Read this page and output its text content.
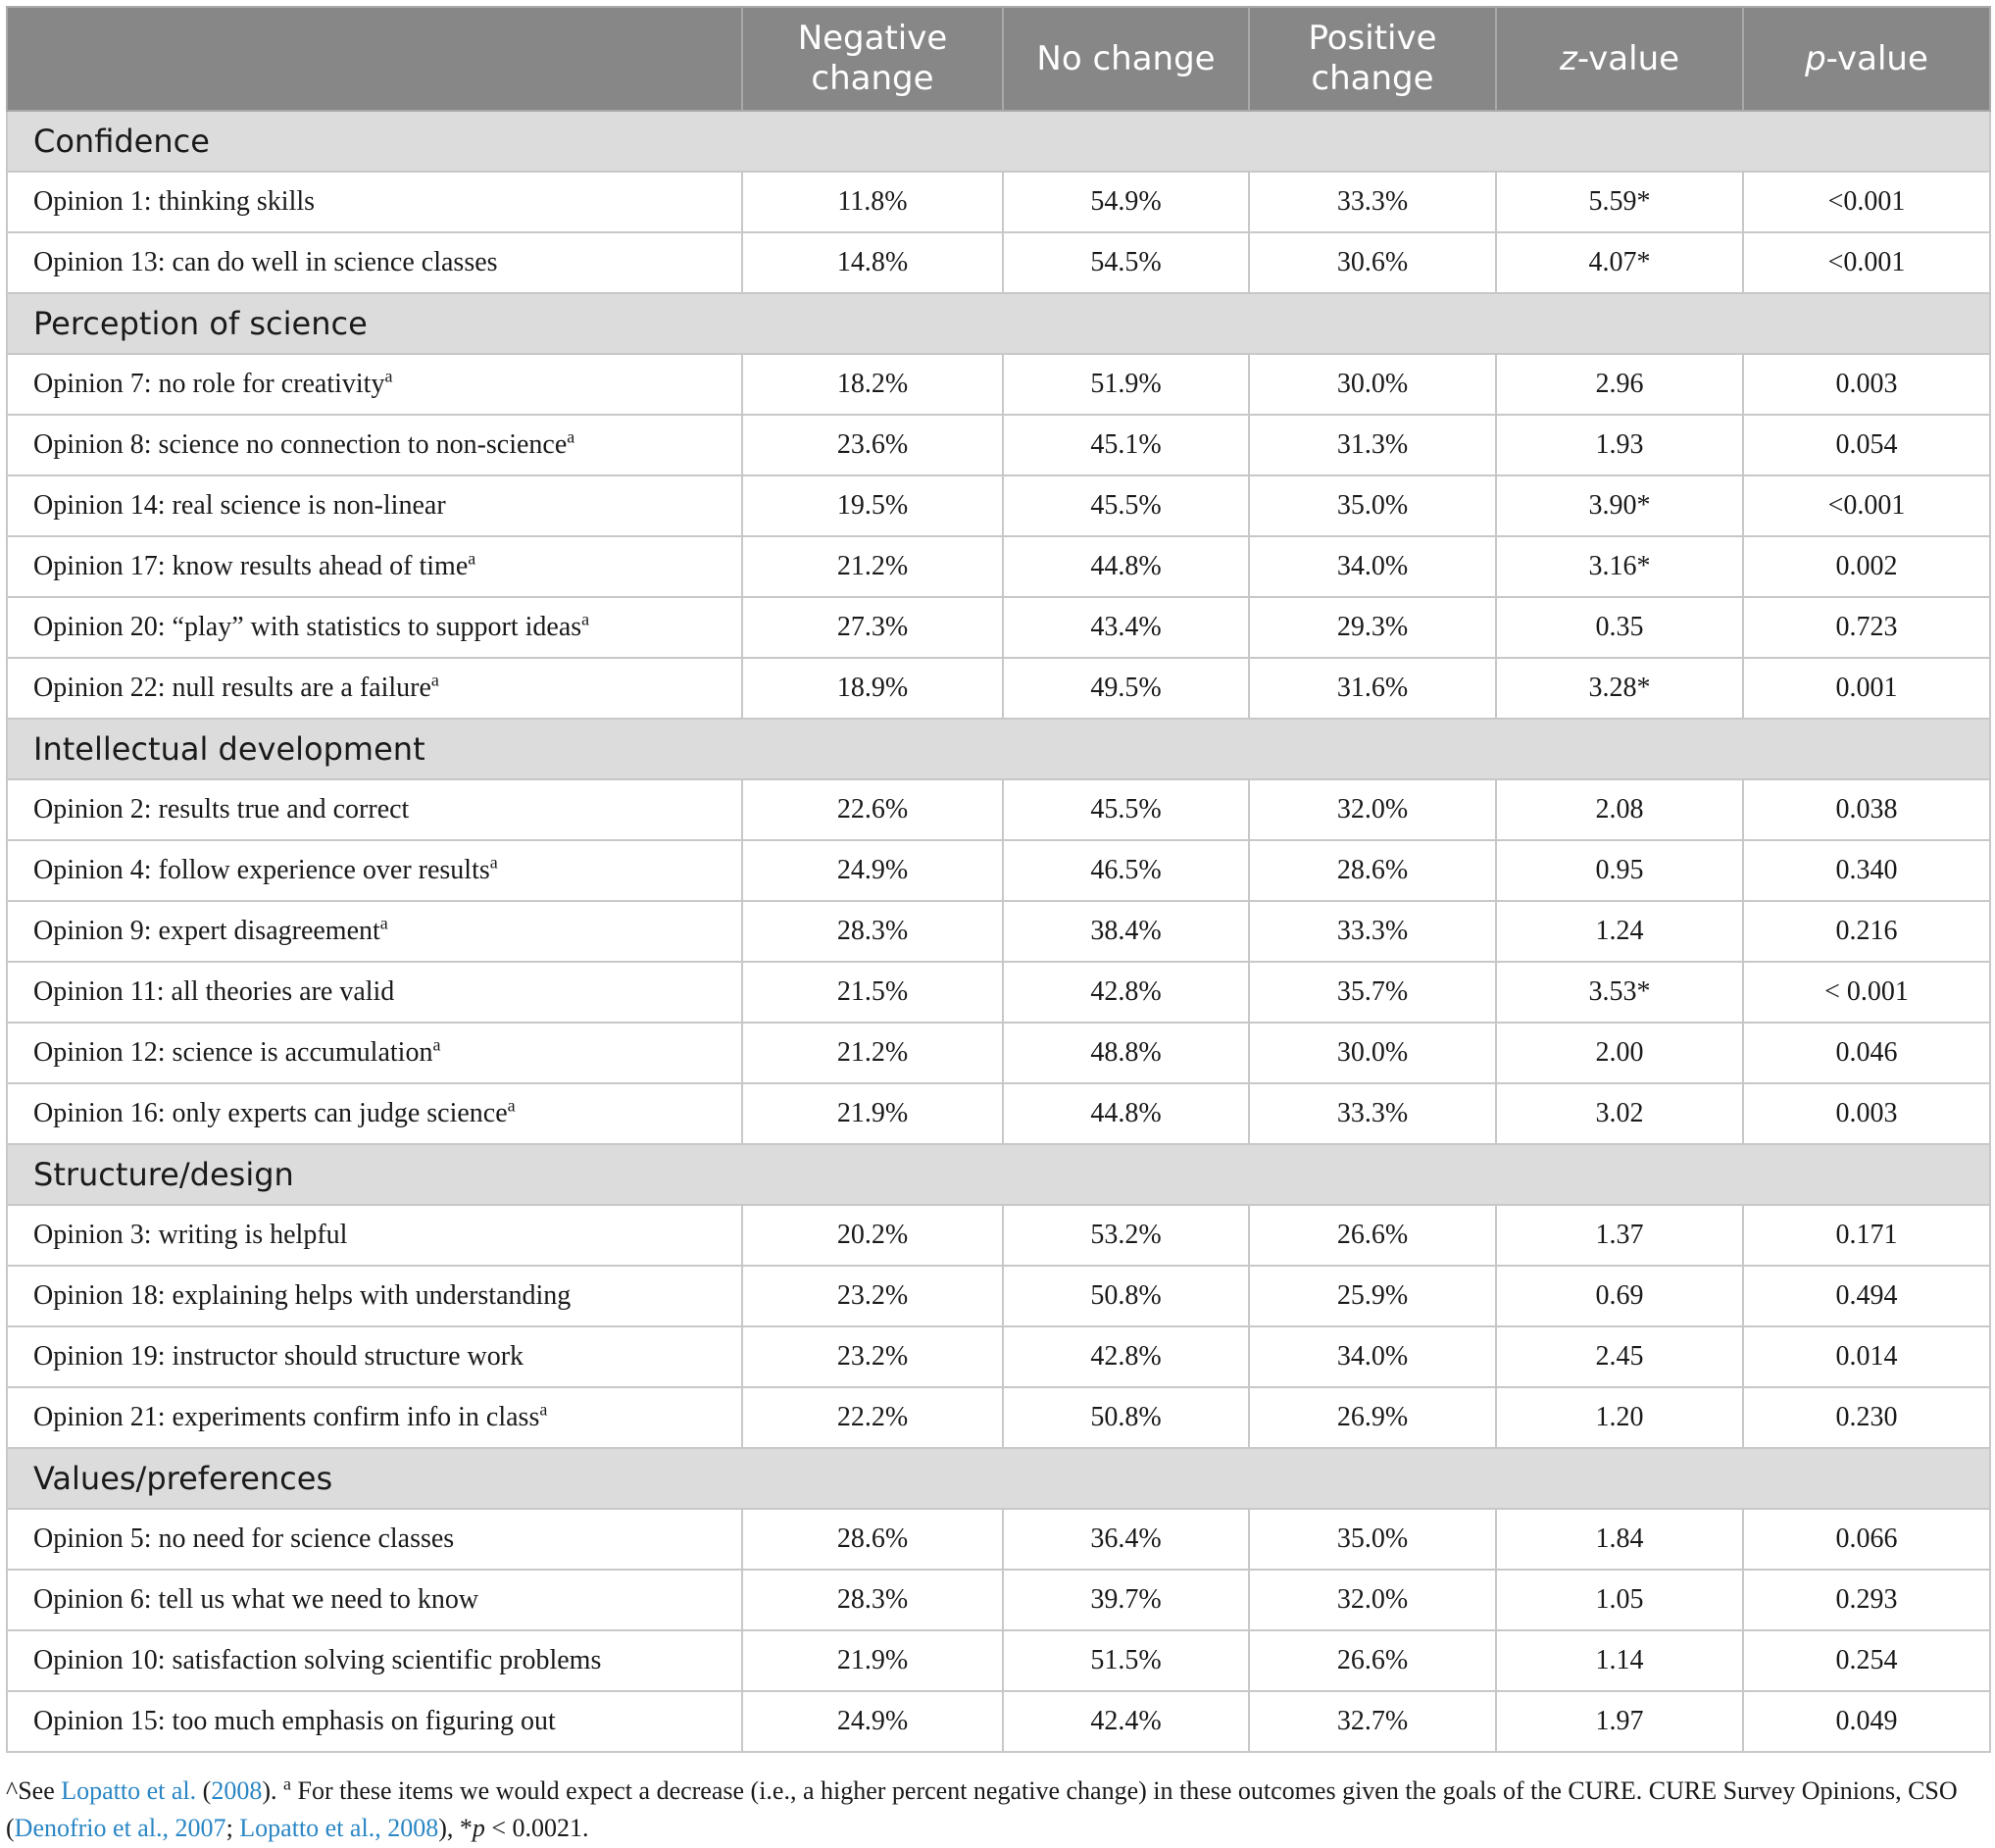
	Negative change	No change	Positive change	z-value	p-value
Confidence					
Opinion 1: thinking skills	11.8%	54.9%	33.3%	5.59*	<0.001
Opinion 13: can do well in science classes	14.8%	54.5%	30.6%	4.07*	<0.001
Perception of science					
Opinion 7: no role for creativity$^a$	18.2%	51.9%	30.0%	2.96	0.003
Opinion 8: science no connection to non-science$^a$	23.6%	45.1%	31.3%	1.93	0.054
Opinion 14: real science is non-linear	19.5%	45.5%	35.0%	3.90*	<0.001
Opinion 17: know results ahead of time$^a$	21.2%	44.8%	34.0%	3.16*	0.002
Opinion 20: “play” with statistics to support ideas$^a$	27.3%	43.4%	29.3%	0.35	0.723
Opinion 22: null results are a failure$^a$	18.9%	49.5%	31.6%	3.28*	0.001
Intellectual development					
Opinion 2: results true and correct	22.6%	45.5%	32.0%	2.08	0.038
Opinion 4: follow experience over results$^a$	24.9%	46.5%	28.6%	0.95	0.340
Opinion 9: expert disagreement$^a$	28.3%	38.4%	33.3%	1.24	0.216
Opinion 11: all theories are valid	21.5%	42.8%	35.7%	3.53*	< 0.001
Opinion 12: science is accumulation$^a$	21.2%	48.8%	30.0%	2.00	0.046
Opinion 16: only experts can judge science$^a$	21.9%	44.8%	33.3%	3.02	0.003
Structure/design					
Opinion 3: writing is helpful	20.2%	53.2%	26.6%	1.37	0.171
Opinion 18: explaining helps with understanding	23.2%	50.8%	25.9%	0.69	0.494
Opinion 19: instructor should structure work	23.2%	42.8%	34.0%	2.45	0.014
Opinion 21: experiments confirm info in class$^a$	22.2%	50.8%	26.9%	1.20	0.230
Values/preferences					
Opinion 5: no need for science classes	28.6%	36.4%	35.0%	1.84	0.066
Opinion 6: tell us what we need to know	28.3%	39.7%	32.0%	1.05	0.293
Opinion 10: satisfaction solving scientific problems	21.9%	51.5%	26.6%	1.14	0.254
Opinion 15: too much emphasis on figuring out	24.9%	42.4%	32.7%	1.97	0.049
^See Lopatto et al. (2008). $^a$ For these items we would expect a decrease (i.e., a higher percent negative change) in these outcomes given the goals of the CURE. CURE Survey Opinions, CSO (Denofrio et al., 2007; Lopatto et al., 2008), *p < 0.0021.
